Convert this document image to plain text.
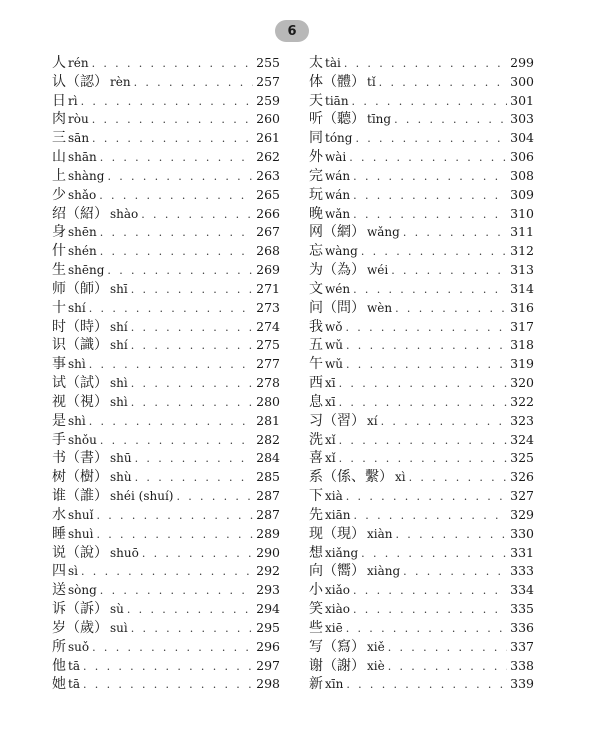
6
人 rén . . .	255
认（認） rèn . . .	257
日 rì . . .	259
肉 ròu . . .	260
三 sān . . .	261
山 shān . . .	262
上 shàng . . .	263
少 shǎo . . .	265
绍（紹） shào . . .	266
身 shēn . . .	267
什 shén . . .	268
生 shēng . . .	269
师（師） shī . . .	271
十 shí . . .	273
时（時） shí . . .	274
识（識） shí . . .	275
事 shì . . .	277
试（試） shì . . .	278
视（視） shì . . .	280
是 shì . . .	281
手 shǒu . . .	282
书（書） shū . . .	284
树（樹） shù . . .	285
谁（誰） shéi (shuí) . . .	287
水 shuǐ . . .	287
睡 shuì . . .	289
说（說） shuō . . .	290
四 sì . . .	292
送 sòng . . .	293
诉（訴） sù . . .	294
岁（歲） suì . . .	295
所 suǒ . . .	296
他 tā . . .	297
她 tā . . .	298
太 tài . . .	299
体（體） tǐ . . .	300
天 tiān . . .	301
听（聽） tīng . . .	303
同 tóng . . .	304
外 wài . . .	306
完 wán . . .	308
玩 wán . . .	309
晚 wǎn . . .	310
网（網） wǎng . . .	311
忘 wàng . . .	312
为（為） wéi . . .	313
文 wén . . .	314
问（問） wèn . . .	316
我 wǒ . . .	317
五 wǔ . . .	318
午 wǔ . . .	319
西 xī . . .	320
息 xī . . .	322
习（習） xí . . .	323
洗 xǐ . . .	324
喜 xǐ . . .	325
系（係、繫） xì . . .	326
下 xià . . .	327
先 xiān . . .	329
现（現） xiàn . . .	330
想 xiǎng . . .	331
向（嚮） xiàng . . .	333
小 xiǎo . . .	334
笑 xiào . . .	335
些 xiē . . .	336
写（寫） xiě . . .	337
谢（謝） xiè . . .	338
新 xīn . . .	339
